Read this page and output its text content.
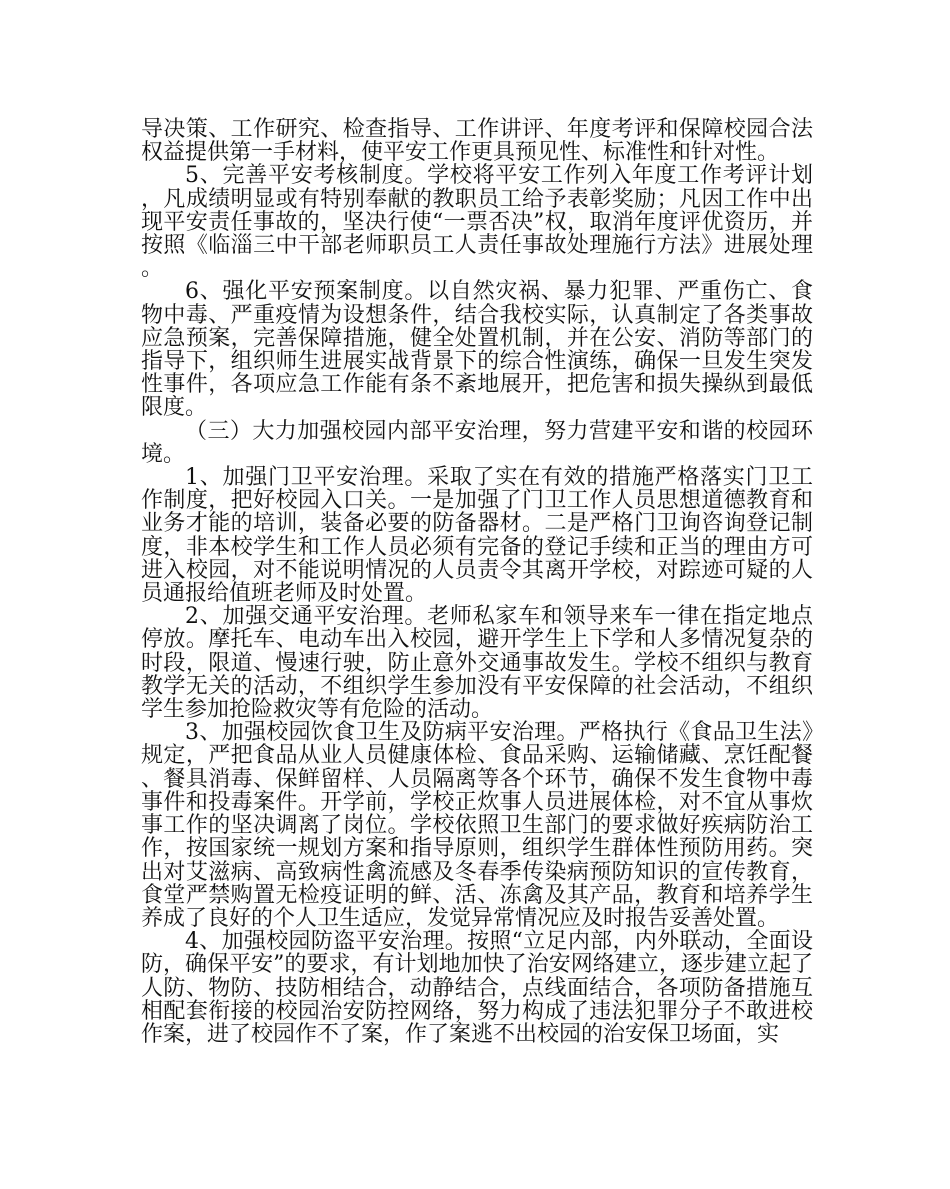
导决策、工作研究、检查指导、工作讲评、年度考评和保障校园合法权益提供第一手材料，使平安工作更具预见性、标准性和针对性。

5、完善平安考核制度。学校将平安工作列入年度工作考评计划，凡成绩明显或有特别奉献的教职员工给予表彰奖励；凡因工作中出现平安责任事故的，坚决行使“一票否决”权，取消年度评优资历，并按照《临淄三中干部老师职员工人责任事故处理施行方法》进展处理。

6、强化平安预案制度。以自然灾祸、暴力犯罪、严重伤亡、食物中毒、严重疫情为设想条件，结合我校实际，认真制定了各类事故应急预案，完善保障措施，健全处置机制，并在公安、消防等部门的指导下，组织师生进展实战背景下的综合性演练，确保一旦发生突发性事件，各项应急工作能有条不紊地展开，把危害和损失操纵到最低限度。

（三）大力加强校园内部平安治理，努力营建平安和谐的校园环境。

1、加强门卫平安治理。采取了实在有效的措施严格落实门卫工作制度，把好校园入口关。一是加强了门卫工作人员思想道德教育和业务才能的培训，装备必要的防备器材。二是严格门卫询咨询登记制度，非本校学生和工作人员必须有完备的登记手续和正当的理由方可进入校园，对不能说明情况的人员责令其离开学校，对踪迹可疑的人员通报给值班老师及时处置。

2、加强交通平安治理。老师私家车和领导来车一律在指定地点停放。摩托车、电动车出入校园，避开学生上下学和人多情况复杂的时段，限道、慢速行驶，防止意外交通事故发生。学校不组织与教育教学无关的活动，不组织学生参加没有平安保障的社会活动，不组织学生参加抢险救灾等有危险的活动。

3、加强校园饮食卫生及防病平安治理。严格执行《食品卫生法》规定，严把食品从业人员健康体检、食品采购、运输储藏、烹饪配餐、餐具消毒、保鲜留样、人员隔离等各个环节，确保不发生食物中毒事件和投毒案件。开学前，学校正炊事人员进展体检，对不宜从事炊事工作的坚决调离了岗位。学校依照卫生部门的要求做好疾病防治工作，按国家统一规划方案和指导原则，组织学生群体性预防用药。突出对艾滋病、高致病性禽流感及冬春季传染病预防知识的宣传教育，食堂严禁购置无检疫证明的鲜、活、冻禽及其产品，教育和培养学生养成了良好的个人卫生适应，发觉异常情况应及时报告妥善处置。

4、加强校园防盗平安治理。按照“立足内部，内外联动，全面设防，确保平安”的要求，有计划地加快了治安网络建立，逐步建立起了人防、物防、技防相结合，动静结合，点线面结合，各项防备措施互相配套衔接的校园治安防控网络，努力构成了违法犯罪分子不敢进校作案，进了校园作不了案，作了案逃不出校园的治安保卫场面，实
